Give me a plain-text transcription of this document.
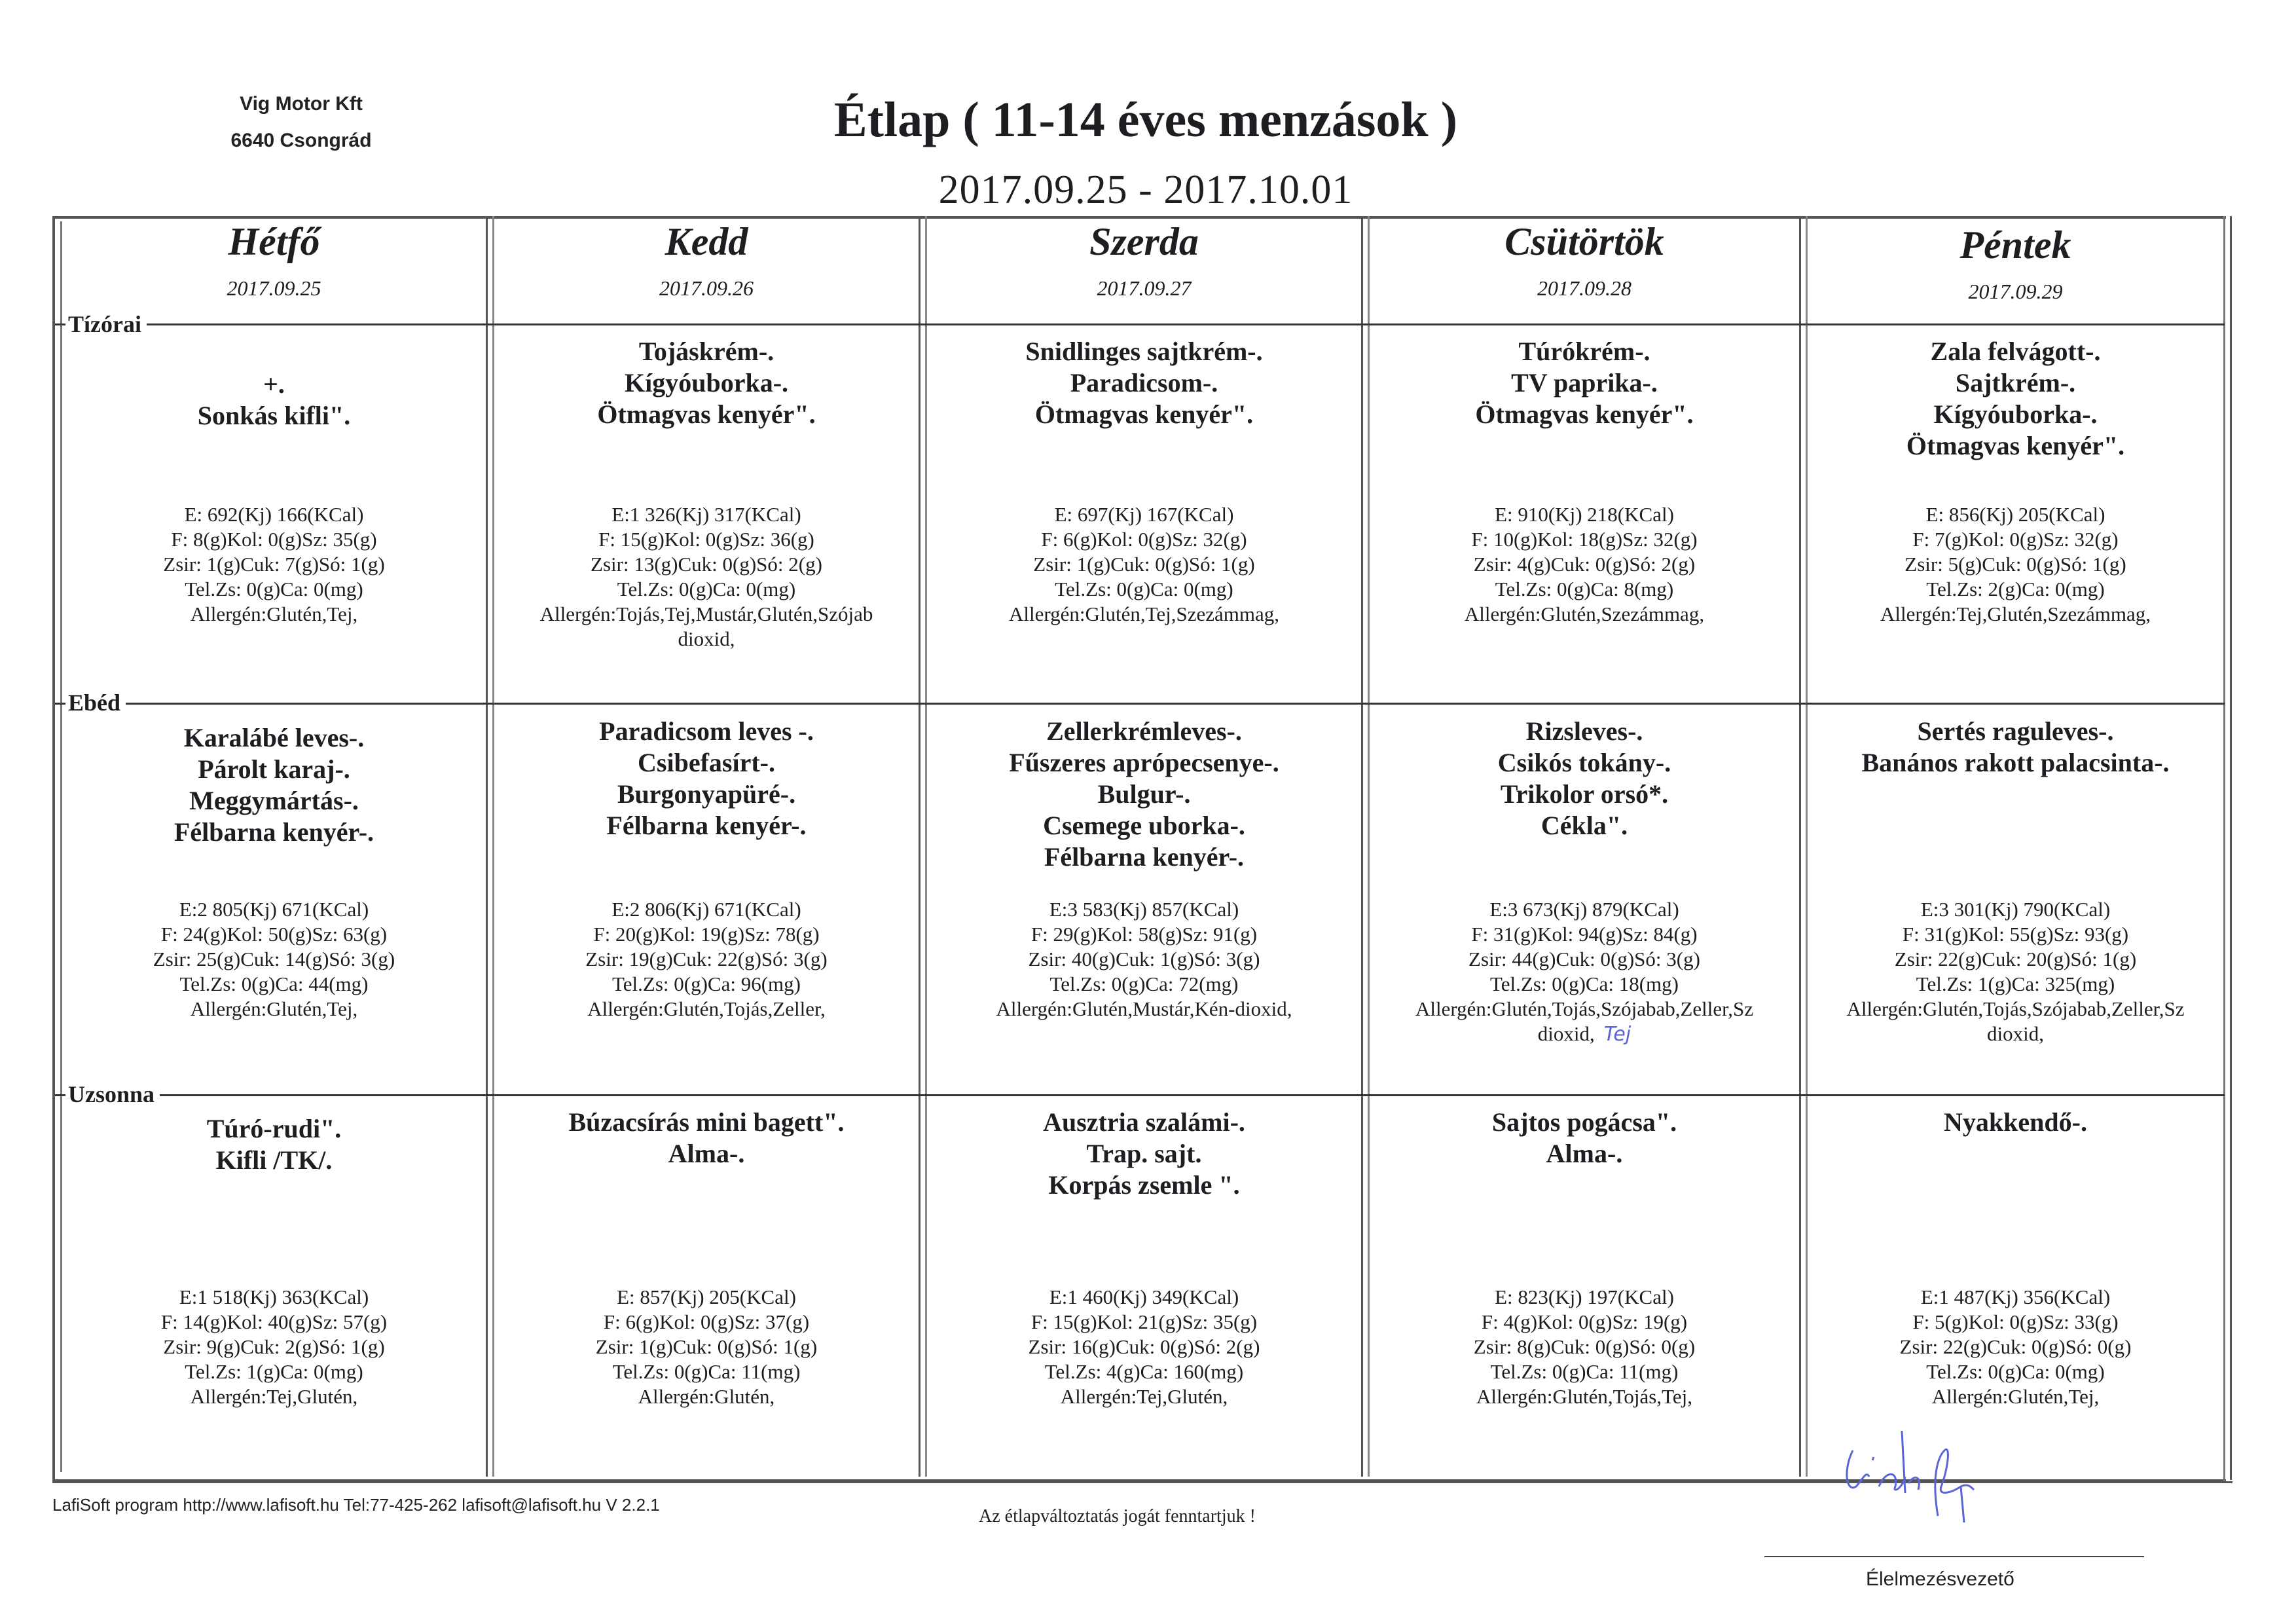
Vig Motor Kft
6640 Csongrád	Étlap ( 11-14 éves menzások )
2017.09.25 - 2017.10.01
Tízórai
Ebéd
Uzsonna
Hétfő
2017.09.25
Kedd
2017.09.26
Szerda
2017.09.27
Csütörtök
2017.09.28
Péntek
2017.09.29
+.
Sonkás kifli".
E: 692(Kj) 166(KCal)
F: 8(g)Kol: 0(g)Sz: 35(g)
Zsir: 1(g)Cuk: 7(g)Só: 1(g)
Tel.Zs: 0(g)Ca: 0(mg)
Allergén:Glutén,Tej,
Karalábé leves-.
Párolt karaj-.
Meggymártás-.
Félbarna kenyér-.
E:2 805(Kj) 671(KCal)
F: 24(g)Kol: 50(g)Sz: 63(g)
Zsir: 25(g)Cuk: 14(g)Só: 3(g)
Tel.Zs: 0(g)Ca: 44(mg)
Allergén:Glutén,Tej,
Túró-rudi".
Kifli /TK/.
E:1 518(Kj) 363(KCal)
F: 14(g)Kol: 40(g)Sz: 57(g)
Zsir: 9(g)Cuk: 2(g)Só: 1(g)
Tel.Zs: 1(g)Ca: 0(mg)
Allergén:Tej,Glutén,
Tojáskrém-.
Kígyóuborka-.
Ötmagvas kenyér".
E:1 326(Kj) 317(KCal)
F: 15(g)Kol: 0(g)Sz: 36(g)
Zsir: 13(g)Cuk: 0(g)Só: 2(g)
Tel.Zs: 0(g)Ca: 0(mg)
Allergén:Tojás,Tej,Mustár,Glutén,Szójab
dioxid,
Paradicsom leves -.
Csibefasírt-.
Burgonyapüré-.
Félbarna kenyér-.
E:2 806(Kj) 671(KCal)
F: 20(g)Kol: 19(g)Sz: 78(g)
Zsir: 19(g)Cuk: 22(g)Só: 3(g)
Tel.Zs: 0(g)Ca: 96(mg)
Allergén:Glutén,Tojás,Zeller,
Búzacsírás mini bagett".
Alma-.
E: 857(Kj) 205(KCal)
F: 6(g)Kol: 0(g)Sz: 37(g)
Zsir: 1(g)Cuk: 0(g)Só: 1(g)
Tel.Zs: 0(g)Ca: 11(mg)
Allergén:Glutén,
Snidlinges sajtkrém-.
Paradicsom-.
Ötmagvas kenyér".
E: 697(Kj) 167(KCal)
F: 6(g)Kol: 0(g)Sz: 32(g)
Zsir: 1(g)Cuk: 0(g)Só: 1(g)
Tel.Zs: 0(g)Ca: 0(mg)
Allergén:Glutén,Tej,Szezámmag,
Zellerkrémleves-.
Fűszeres aprópecsenye-.
Bulgur-.
Csemege uborka-.
Félbarna kenyér-.
E:3 583(Kj) 857(KCal)
F: 29(g)Kol: 58(g)Sz: 91(g)
Zsir: 40(g)Cuk: 1(g)Só: 3(g)
Tel.Zs: 0(g)Ca: 72(mg)
Allergén:Glutén,Mustár,Kén-dioxid,
Ausztria szalámi-.
Trap. sajt.
Korpás zsemle ".
E:1 460(Kj) 349(KCal)
F: 15(g)Kol: 21(g)Sz: 35(g)
Zsir: 16(g)Cuk: 0(g)Só: 2(g)
Tel.Zs: 4(g)Ca: 160(mg)
Allergén:Tej,Glutén,
Túrókrém-.
TV paprika-.
Ötmagvas kenyér".
E: 910(Kj) 218(KCal)
F: 10(g)Kol: 18(g)Sz: 32(g)
Zsir: 4(g)Cuk: 0(g)Só: 2(g)
Tel.Zs: 0(g)Ca: 8(mg)
Allergén:Glutén,Szezámmag,
Rizsleves-.
Csikós tokány-.
Trikolor orsó*.
Cékla".
E:3 673(Kj) 879(KCal)
F: 31(g)Kol: 94(g)Sz: 84(g)
Zsir: 44(g)Cuk: 0(g)Só: 3(g)
Tel.Zs: 0(g)Ca: 18(mg)
Allergén:Glutén,Tojás,Szójabab,Zeller,Sz
dioxid, Tej
Sajtos pogácsa".
Alma-.
E: 823(Kj) 197(KCal)
F: 4(g)Kol: 0(g)Sz: 19(g)
Zsir: 8(g)Cuk: 0(g)Só: 0(g)
Tel.Zs: 0(g)Ca: 11(mg)
Allergén:Glutén,Tojás,Tej,
Zala felvágott-.
Sajtkrém-.
Kígyóuborka-.
Ötmagvas kenyér".
E: 856(Kj) 205(KCal)
F: 7(g)Kol: 0(g)Sz: 32(g)
Zsir: 5(g)Cuk: 0(g)Só: 1(g)
Tel.Zs: 2(g)Ca: 0(mg)
Allergén:Tej,Glutén,Szezámmag,
Sertés raguleves-.
Banános rakott palacsinta-.
E:3 301(Kj) 790(KCal)
F: 31(g)Kol: 55(g)Sz: 93(g)
Zsir: 22(g)Cuk: 20(g)Só: 1(g)
Tel.Zs: 1(g)Ca: 325(mg)
Allergén:Glutén,Tojás,Szójabab,Zeller,Sz
dioxid,
Nyakkendő-.
E:1 487(Kj) 356(KCal)
F: 5(g)Kol: 0(g)Sz: 33(g)
Zsir: 22(g)Cuk: 0(g)Só: 0(g)
Tel.Zs: 0(g)Ca: 0(mg)
Allergén:Glutén,Tej,
LafiSoft program http://www.lafisoft.hu Tel:77-425-262 lafisoft@lafisoft.hu V 2.2.1
Az étlapváltoztatás jogát fenntartjuk !
Élelmezésvezető
